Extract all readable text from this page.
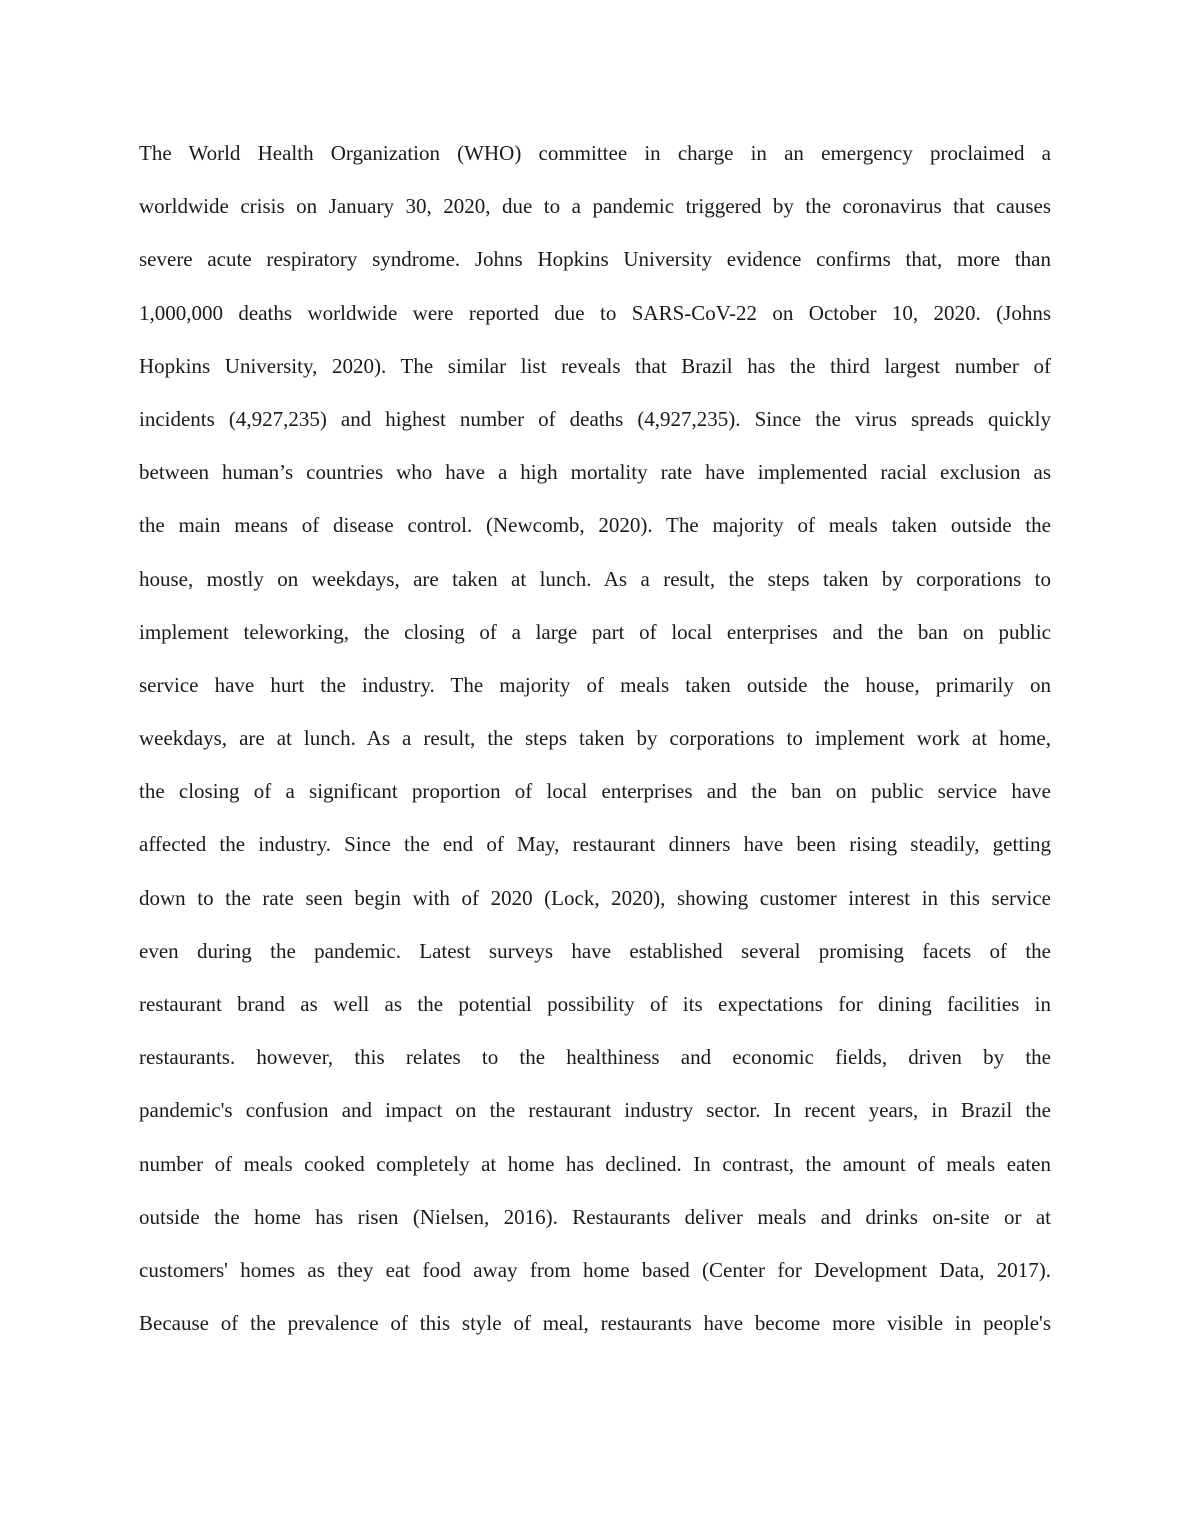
The World Health Organization (WHO) committee in charge in an emergency proclaimed a
worldwide crisis on January 30, 2020, due to a pandemic triggered by the coronavirus that causes
severe acute respiratory syndrome. Johns Hopkins University evidence confirms that, more than
1,000,000 deaths worldwide were reported due to SARS-CoV-22 on October 10, 2020. (Johns
Hopkins University, 2020). The similar list reveals that Brazil has the third largest number of
incidents (4,927,235) and highest number of deaths (4,927,235). Since the virus spreads quickly
between human’s countries who have a high mortality rate have implemented racial exclusion as
the main means of disease control. (Newcomb, 2020). The majority of meals taken outside the
house, mostly on weekdays, are taken at lunch. As a result, the steps taken by corporations to
implement teleworking, the closing of a large part of local enterprises and the ban on public
service have hurt the industry. The majority of meals taken outside the house, primarily on
weekdays, are at lunch. As a result, the steps taken by corporations to implement work at home,
the closing of a significant proportion of local enterprises and the ban on public service have
affected the industry. Since the end of May, restaurant dinners have been rising steadily, getting
down to the rate seen begin with of 2020 (Lock, 2020), showing customer interest in this service
even during the pandemic. Latest surveys have established several promising facets of the
restaurant brand as well as the potential possibility of its expectations for dining facilities in
restaurants. however, this relates to the healthiness and economic fields, driven by the
pandemic's confusion and impact on the restaurant industry sector. In recent years, in Brazil the
number of meals cooked completely at home has declined. In contrast, the amount of meals eaten
outside the home has risen (Nielsen, 2016). Restaurants deliver meals and drinks on-site or at
customers' homes as they eat food away from home based (Center for Development Data, 2017).
Because of the prevalence of this style of meal, restaurants have become more visible in people's
